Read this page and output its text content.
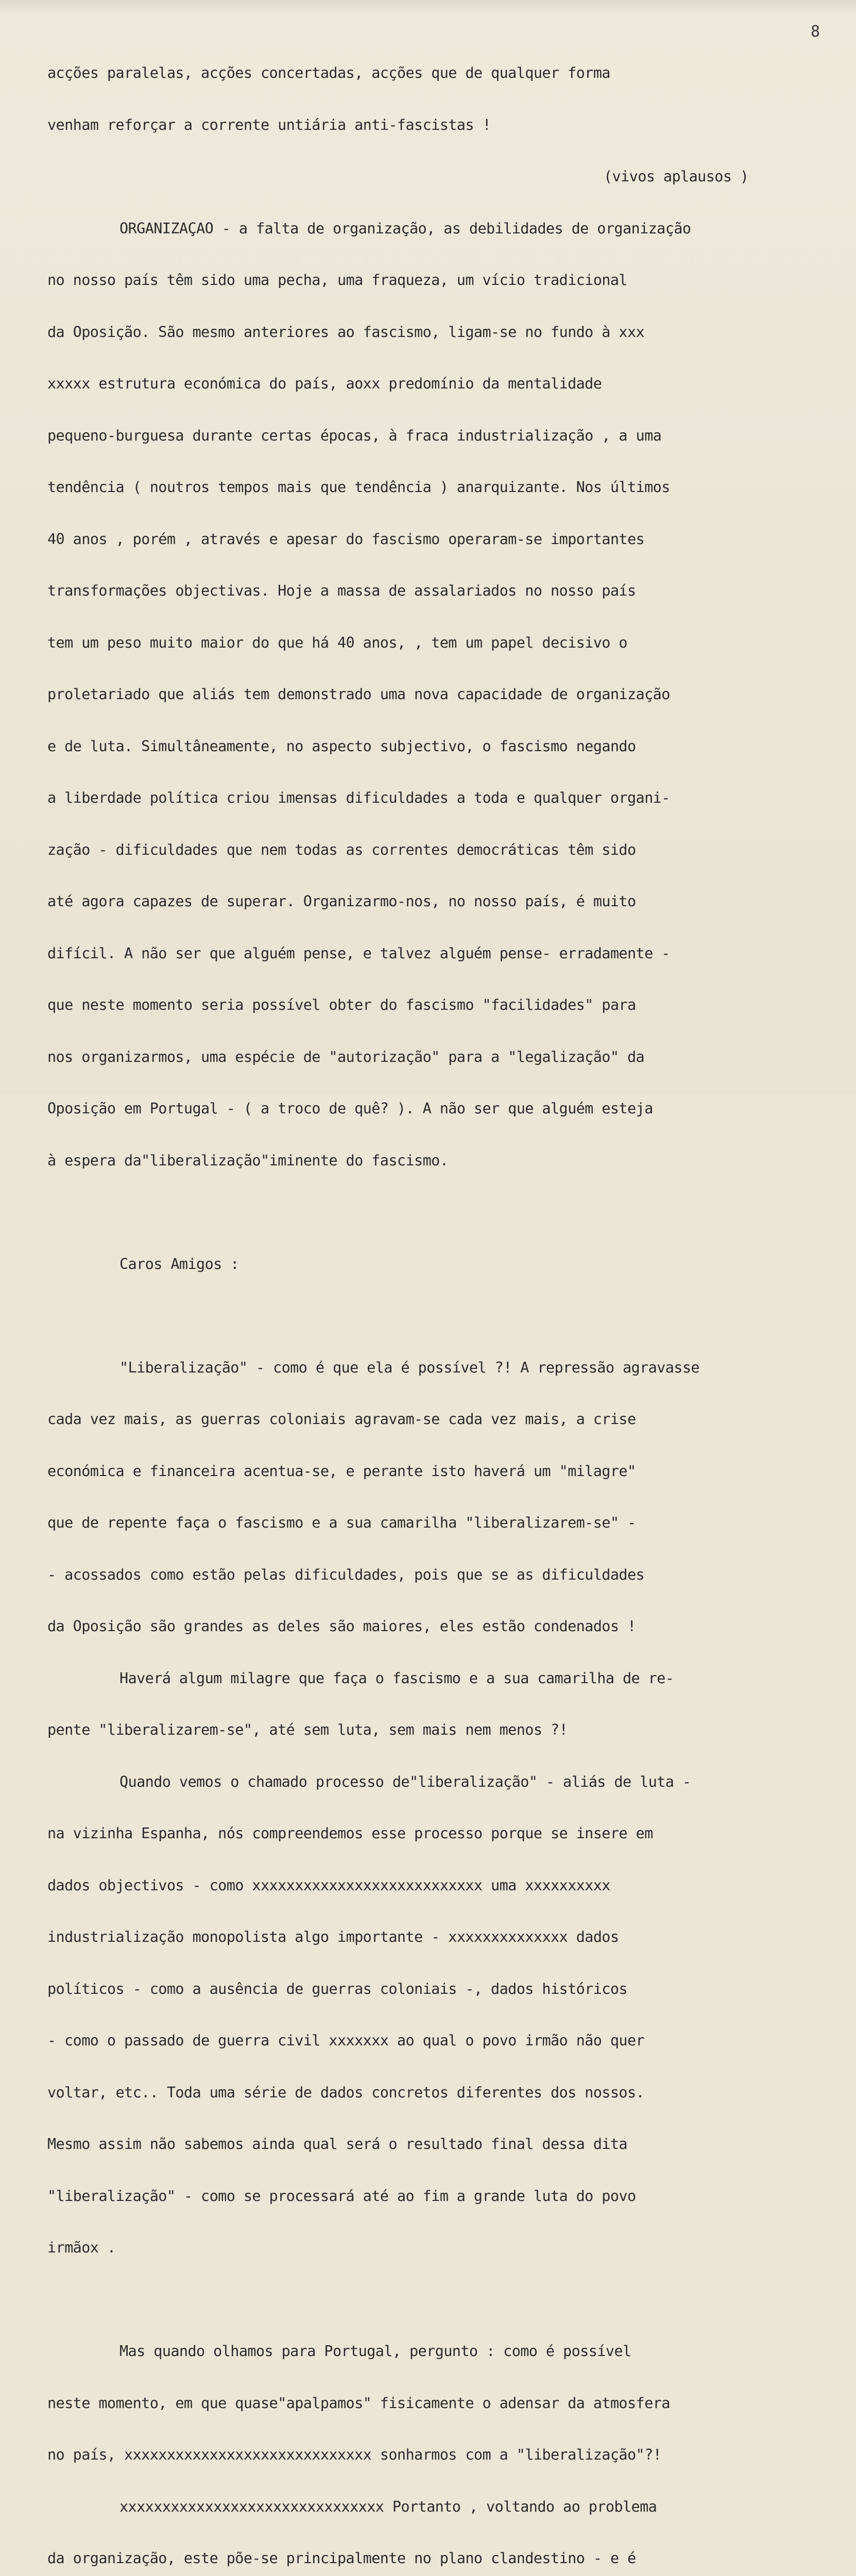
8

acções paralelas, acções concertadas, acções que de qualquer forma

venham reforçar a corrente untiária anti-fascistas !

(vivos aplausos )

ORGANIZAÇAO - a falta de organização, as debilidades de organização

no nosso país têm sido uma pecha, uma fraqueza, um vício tradicional

da Oposição. São mesmo anteriores ao fascismo, ligam-se no fundo à xxx

xxxxx estrutura económica do país, aoxx predomínio da mentalidade

pequeno-burguesa durante certas épocas, à fraca industrialização , a uma

tendência ( noutros tempos mais que tendência ) anarquizante. Nos últimos

40 anos , porém , através e apesar do fascismo operaram-se importantes

transformações objectivas. Hoje a massa de assalariados no nosso país

tem um peso muito maior do que há 40 anos, , tem um papel decisivo o

proletariado que aliás tem demonstrado uma nova capacidade de organização

e de luta. Simultâneamente, no aspecto subjectivo, o fascismo negando

a liberdade política criou imensas dificuldades a toda e qualquer organi-

zação - dificuldades que nem todas as correntes democráticas têm sido

até agora capazes de superar. Organizarmo-nos, no nosso país, é muito

difícil. A não ser que alguém pense, e talvez alguém pense- erradamente -

que neste momento seria possível obter do fascismo "facilidades" para

nos organizarmos, uma espécie de "autorização" para a "legalização" da

Oposição em Portugal - ( a troco de quê? ). A não ser que alguém esteja

à espera da"liberalização"iminente do fascismo.

Caros Amigos :

"Liberalização" - como é que ela é possível ?! A repressão agravasse

cada vez mais, as guerras coloniais agravam-se cada vez mais, a crise

económica e financeira acentua-se, e perante isto haverá um "milagre"

que de repente faça o fascismo e a sua camarilha "liberalizarem-se" -

- acossados como estão pelas dificuldades, pois que se as dificuldades

da Oposição são grandes as deles são maiores, eles estão condenados !

Haverá algum milagre que faça o fascismo e a sua camarilha de re-

pente "liberalizarem-se", até sem luta, sem mais nem menos ?!

Quando vemos o chamado processo de"liberalização" - aliás de luta -

na vizinha Espanha, nós compreendemos esse processo porque se insere em

dados objectivos - como xxxxxxxxxxxxxxxxxxxxxxxxxxx uma xxxxxxxxxx

industrialização monopolista algo importante - xxxxxxxxxxxxxx dados

políticos - como a ausência de guerras coloniais -, dados históricos

- como o passado de guerra civil xxxxxxx ao qual o povo irmão não quer

voltar, etc.. Toda uma série de dados concretos diferentes dos nossos.

Mesmo assim não sabemos ainda qual será o resultado final dessa dita

"liberalização" - como se processará até ao fim a grande luta do povo

irmãox .

Mas quando olhamos para Portugal, pergunto : como é possível

neste momento, em que quase"apalpamos" fisicamente o adensar da atmosfera

no país, xxxxxxxxxxxxxxxxxxxxxxxxxxxxx sonharmos com a "liberalização"?!

xxxxxxxxxxxxxxxxxxxxxxxxxxxxxxx Portanto , voltando ao problema

da organização, este põe-se principalmente no plano clandestino - e é
